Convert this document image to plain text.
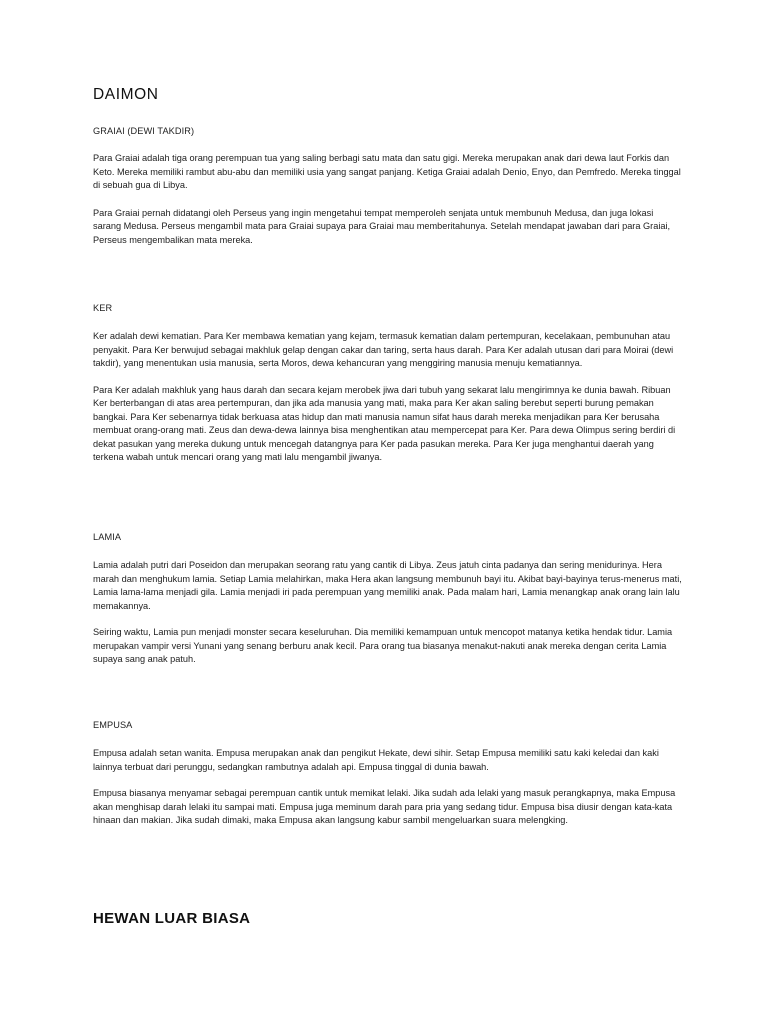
DAIMON
GRAIAI (DEWI TAKDIR)

Para Graiai adalah tiga orang perempuan tua yang saling berbagi satu mata dan satu gigi. Mereka merupakan anak dari dewa laut Forkis dan Keto. Mereka memiliki rambut abu-abu dan memiliki usia yang sangat panjang. Ketiga Graiai adalah Denio, Enyo, dan Pemfredo. Mereka tinggal di sebuah gua di Libya.

Para Graiai pernah didatangi oleh Perseus yang ingin mengetahui tempat memperoleh senjata untuk membunuh Medusa, dan juga lokasi sarang Medusa. Perseus mengambil mata para Graiai supaya para Graiai mau memberitahunya. Setelah mendapat jawaban dari para Graiai, Perseus mengembalikan mata mereka.

KER

Ker adalah dewi kematian. Para Ker membawa kematian yang kejam, termasuk kematian dalam pertempuran, kecelakaan, pembunuhan atau penyakit. Para Ker berwujud sebagai makhluk gelap dengan cakar dan taring, serta haus darah. Para Ker adalah utusan dari para Moirai (dewi takdir), yang menentukan usia manusia, serta Moros, dewa kehancuran yang menggiring manusia menuju kematiannya.

Para Ker adalah makhluk yang haus darah dan secara kejam merobek jiwa dari tubuh yang sekarat lalu mengirimnya ke dunia bawah. Ribuan Ker berterbangan di atas area pertempuran, dan jika ada manusia yang mati, maka para Ker akan saling berebut seperti burung pemakan bangkai. Para Ker sebenarnya tidak berkuasa atas hidup dan mati manusia namun sifat haus darah mereka menjadikan para Ker berusaha membuat orang-orang mati. Zeus dan dewa-dewa lainnya bisa menghentikan atau mempercepat para Ker. Para dewa Olimpus sering berdiri di dekat pasukan yang mereka dukung untuk mencegah datangnya para Ker pada pasukan mereka. Para Ker juga menghantui daerah yang terkena wabah untuk mencari orang yang mati lalu mengambil jiwanya.

LAMIA

Lamia adalah putri dari Poseidon dan merupakan seorang ratu yang cantik di Libya. Zeus jatuh cinta padanya dan sering menidurinya. Hera marah dan menghukum lamia. Setiap Lamia melahirkan, maka Hera akan langsung membunuh bayi itu. Akibat bayi-bayinya terus-menerus mati, Lamia lama-lama menjadi gila. Lamia menjadi iri pada perempuan yang memiliki anak. Pada malam hari, Lamia menangkap anak orang lain lalu memakannya.

Seiring waktu, Lamia pun menjadi monster secara keseluruhan. Dia memiliki kemampuan untuk mencopot matanya ketika hendak tidur. Lamia merupakan vampir versi Yunani yang senang berburu anak kecil. Para orang tua biasanya menakut-nakuti anak mereka dengan cerita Lamia supaya sang anak patuh.

EMPUSA

Empusa adalah setan wanita. Empusa merupakan anak dan pengikut Hekate, dewi sihir. Setap Empusa memiliki satu kaki keledai dan kaki lainnya terbuat dari perunggu, sedangkan rambutnya adalah api. Empusa tinggal di dunia bawah.

Empusa biasanya menyamar sebagai perempuan cantik untuk memikat lelaki. Jika sudah ada lelaki yang masuk perangkapnya, maka Empusa akan menghisap darah lelaki itu sampai mati. Empusa juga meminum darah para pria yang sedang tidur. Empusa bisa diusir dengan kata-kata hinaan dan makian. Jika sudah dimaki, maka Empusa akan langsung kabur sambil mengeluarkan suara melengking.

HEWAN LUAR BIASA
